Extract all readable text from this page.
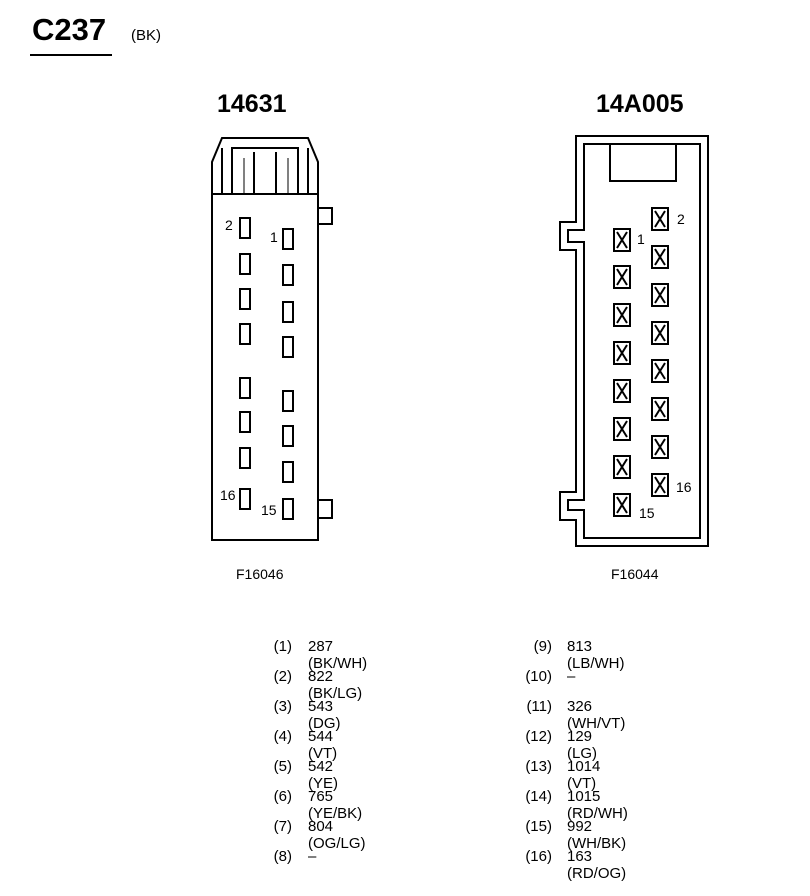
C237 (BK)
14631	14A005
2
1
16
15
2
1
16
15
F16046	F16044
(1) 287 (BK/WH)
(2) 822 (BK/LG)
(3) 543 (DG)
(4) 544 (VT)
(5) 542 (YE)
(6) 765 (YE/BK)
(7) 804 (OG/LG)
(8) –
(9) 813 (LB/WH)
(10) –
(11) 326 (WH/VT)
(12) 129 (LG)
(13) 1014 (VT)
(14) 1015 (RD/WH)
(15) 992 (WH/BK)
(16) 163 (RD/OG)
